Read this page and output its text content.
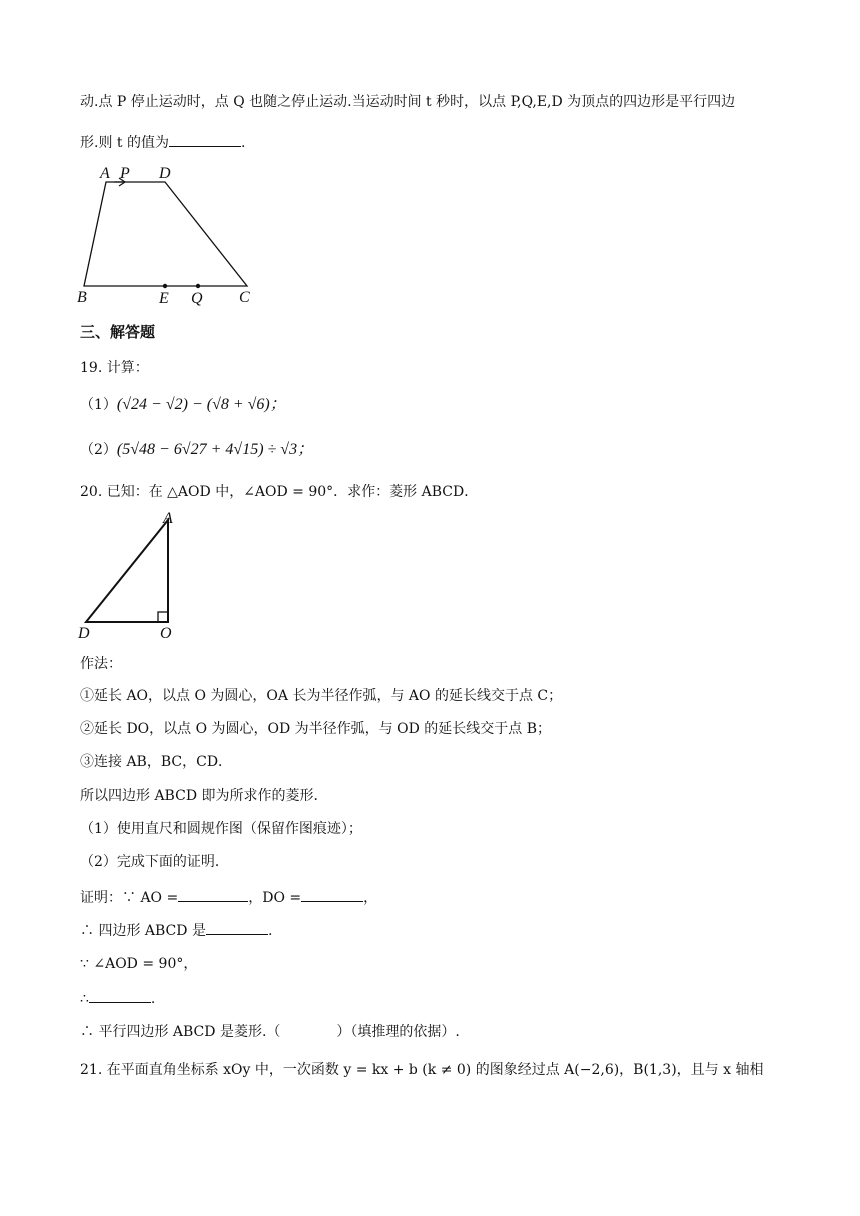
动.点 P 停止运动时，点 Q 也随之停止运动.当运动时间 t 秒时，以点 P,Q,E,D 为顶点的四边形是平行四边
形.则 t 的值为	.
A P D
B	E Q C
三、解答题
19. 计算：
（1）(√24 − √2) − (√8 + √6)；
（2）(5√48 − 6√27 + 4√15) ÷ √3；
20. 已知：在 △AOD 中，∠AOD = 90°．求作：菱形 ABCD．
A
D	O
作法：
①延长 AO，以点 O 为圆心，OA 长为半径作弧，与 AO 的延长线交于点 C；
②延长 DO，以点 O 为圆心，OD 为半径作弧，与 OD 的延长线交于点 B；
③连接 AB，BC，CD．
所以四边形 ABCD 即为所求作的菱形．
（1）使用直尺和圆规作图（保留作图痕迹）；
（2）完成下面的证明．
证明：∵ AO =	，DO =	，
∴ 四边形 ABCD 是	.
∵ ∠AOD = 90°，
∴	.
∴ 平行四边形 ABCD 是菱形.（　　　　）（填推理的依据）.
21. 在平面直角坐标系 xOy 中，一次函数 y = kx + b (k ≠ 0) 的图象经过点 A(−2,6)，B(1,3)，且与 x 轴相
